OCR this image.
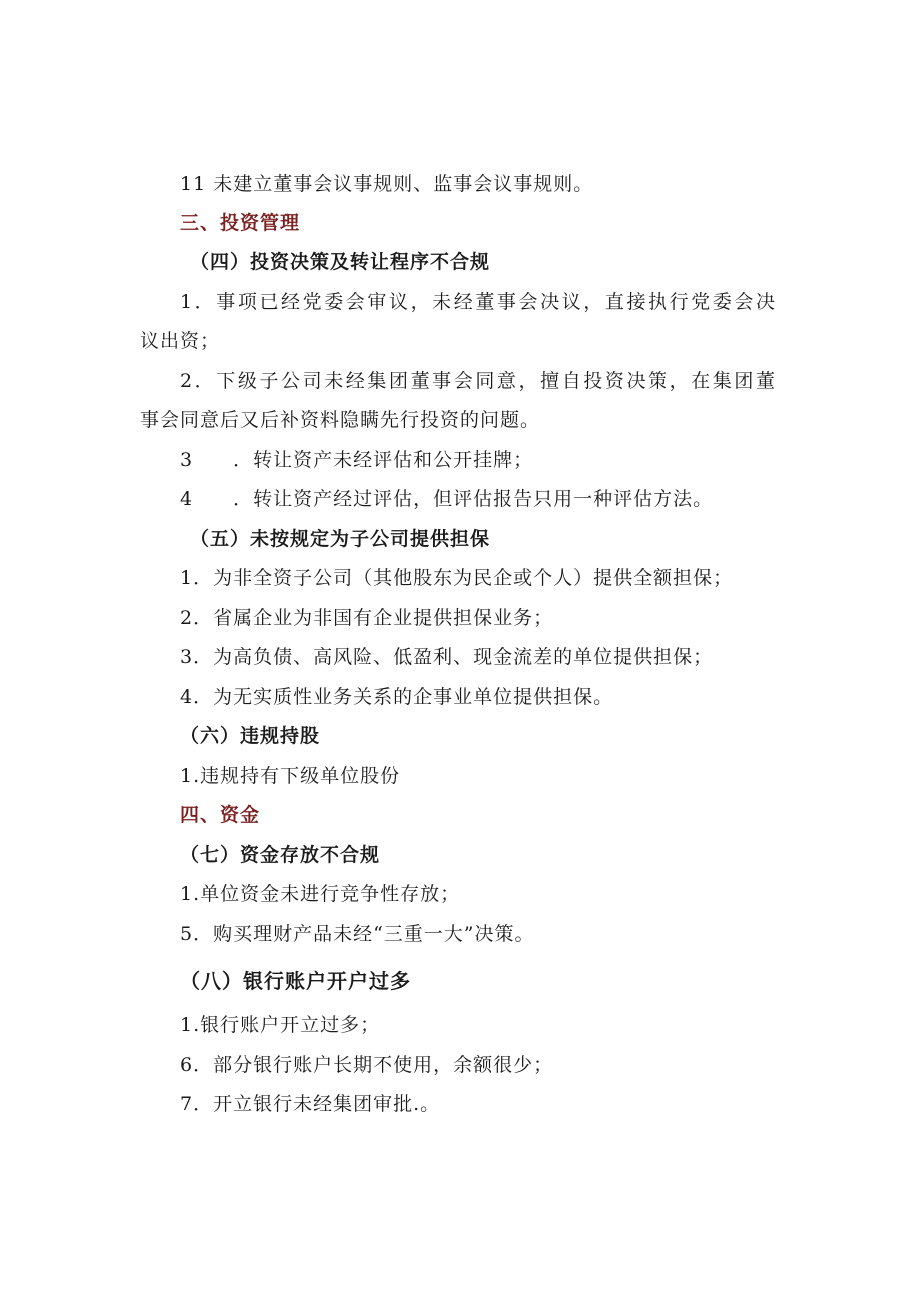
11 未建立董事会议事规则、监事会议事规则。
三、投资管理
（四）投资决策及转让程序不合规
1．事项已经党委会审议，未经董事会决议，直接执行党委会决
议出资；
2．下级子公司未经集团董事会同意，擅自投资决策，在集团董
事会同意后又后补资料隐瞒先行投资的问题。
3 ．转让资产未经评估和公开挂牌；
4 ．转让资产经过评估，但评估报告只用一种评估方法。
（五）未按规定为子公司提供担保
1．为非全资子公司（其他股东为民企或个人）提供全额担保；
2．省属企业为非国有企业提供担保业务；
3．为高负债、高风险、低盈利、现金流差的单位提供担保；
4．为无实质性业务关系的企事业单位提供担保。
（六）违规持股
1.违规持有下级单位股份
四、资金
（七）资金存放不合规
1.单位资金未进行竞争性存放；
5．购买理财产品未经“三重一大”决策。
（八）银行账户开户过多
1.银行账户开立过多；
6．部分银行账户长期不使用，余额很少；
7．开立银行未经集团审批.。
